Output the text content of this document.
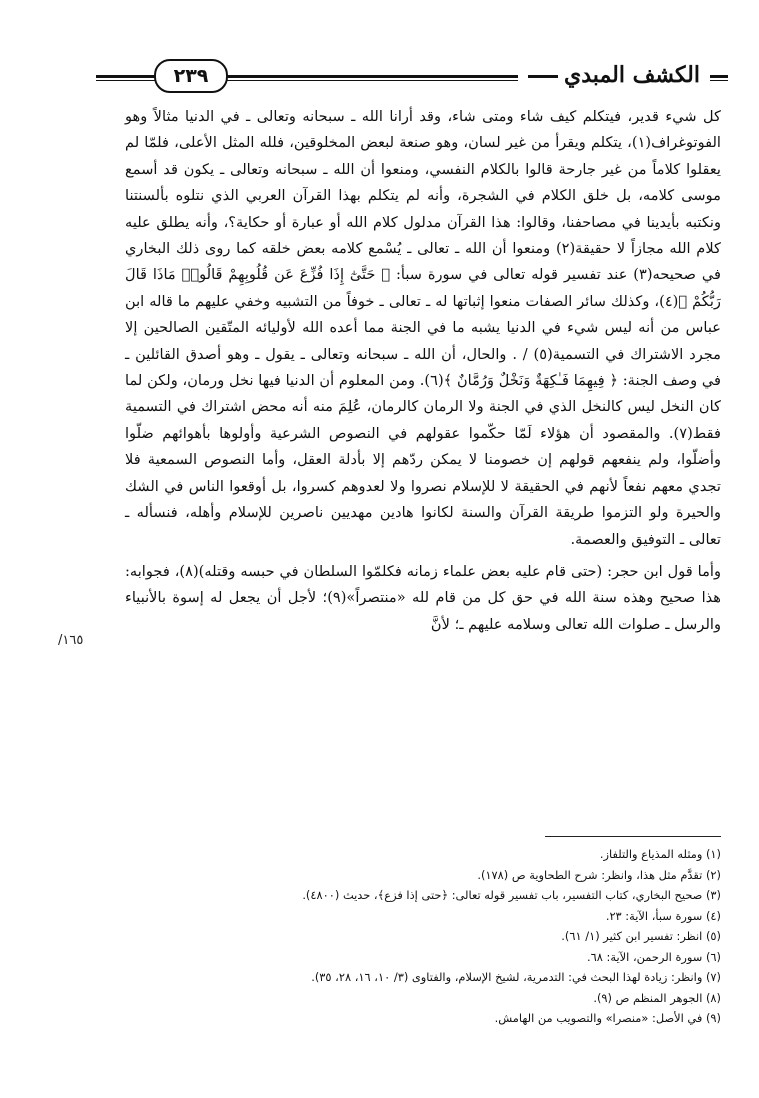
الكشف المبدي
٢٣٩

كل شيء قدير، فيتكلم كيف شاء ومتى شاء، وقد أرانا الله ـ سبحانه وتعالى ـ في الدنيا مثالاً وهو الفوتوغراف(١)، يتكلم ويقرأ من غير لسان، وهو صنعة لبعض المخلوقين، فلله المثل الأعلى، فلمّا لم يعقلوا كلاماً من غير جارحة قالوا بالكلام النفسي، ومنعوا أن الله ـ سبحانه وتعالى ـ يكون قد أسمع موسى كلامه، بل خلق الكلام في الشجرة، وأنه لم يتكلم بهذا القرآن العربي الذي نتلوه بألسنتنا ونكتبه بأيدينا في مصاحفنا، وقالوا: هذا القرآن مدلول كلام الله أو عبارة أو حكاية؟، وأنه يطلق عليه كلام الله مجازاً لا حقيقة(٢) ومنعوا أن الله ـ تعالى ـ يُسْمع كلامه بعض خلقه كما روى ذلك البخاري في صحيحه(٣) عند تفسير قوله تعالى في سورة سبأ: ﴿ حَتَّىٰٓ إِذَا فُزِّعَ عَن قُلُوبِهِمْ قَالُوا۟ مَاذَا قَالَ رَبُّكُمْ ﴾(٤)، وكذلك سائر الصفات منعوا إثباتها له ـ تعالى ـ خوفاً من التشبيه وخفي عليهم ما قاله ابن عباس من أنه ليس شيء في الدنيا يشبه ما في الجنة مما أعده الله لأوليائه المتّقين الصالحين إلا مجرد الاشتراك في التسمية(٥) / . والحال، أن الله ـ سبحانه وتعالى ـ يقول ـ وهو أصدق القائلين ـ في وصف الجنة: ﴿ فِيهِمَا فَـٰكِهَةٌ وَنَخْلٌ وَرُمَّانٌ ﴾(٦). ومن المعلوم أن الدنيا فيها نخل ورمان، ولكن لما كان النخل ليس كالنخل الذي في الجنة ولا الرمان كالرمان، عُلِمَ منه أنه محض اشتراك في التسمية فقط(٧). والمقصود أن هؤلاء لَمّا حكّموا عقولهم في النصوص الشرعية وأولوها بأهوائهم ضلّوا وأضلّوا، ولم ينفعهم قولهم إن خصومنا لا يمكن ردّهم إلا بأدلة العقل، وأما النصوص السمعية فلا تجدي معهم نفعاً لأنهم في الحقيقة لا للإسلام نصروا ولا لعدوهم كسروا، بل أوقعوا الناس في الشك والحيرة ولو التزموا طريقة القرآن والسنة لكانوا هادين مهديين ناصرين للإسلام وأهله، فنسأله ـ تعالى ـ التوفيق والعصمة.

وأما قول ابن حجر: (حتى قام عليه بعض علماء زمانه فكلمّوا السلطان في حبسه وقتله)(٨)، فجوابه: هذا صحيح وهذه سنة الله في حق كل من قام لله «منتصراً»(٩)؛ لأجل أن يجعل له إسوة بالأنبياء والرسل ـ صلوات الله تعالى وسلامه عليهم ـ؛ لأنَّ

١٦٥/
(١) ومثله المذياع والتلفاز.
(٢) تقدَّم مثل هذا، وانظر: شرح الطحاوية ص (١٧٨).
(٣) صحيح البخاري، كتاب التفسير، باب تفسير قوله تعالى: ﴿حتى إذا فزع﴾، حديث (٤٨٠٠).
(٤) سورة سبأ، الآية: ٢٣.
(٥) انظر: تفسير ابن كثير (١/ ٦١).
(٦) سورة الرحمن، الآية: ٦٨.
(٧) وانظر: زيادة لهذا البحث في: التدمرية، لشيخ الإسلام، والفتاوى (٣/ ١٠، ١٦، ٢٨، ٣٥).
(٨) الجوهر المنظم ص (٩).
(٩) في الأصل: «منصرا» والتصويب من الهامش.
